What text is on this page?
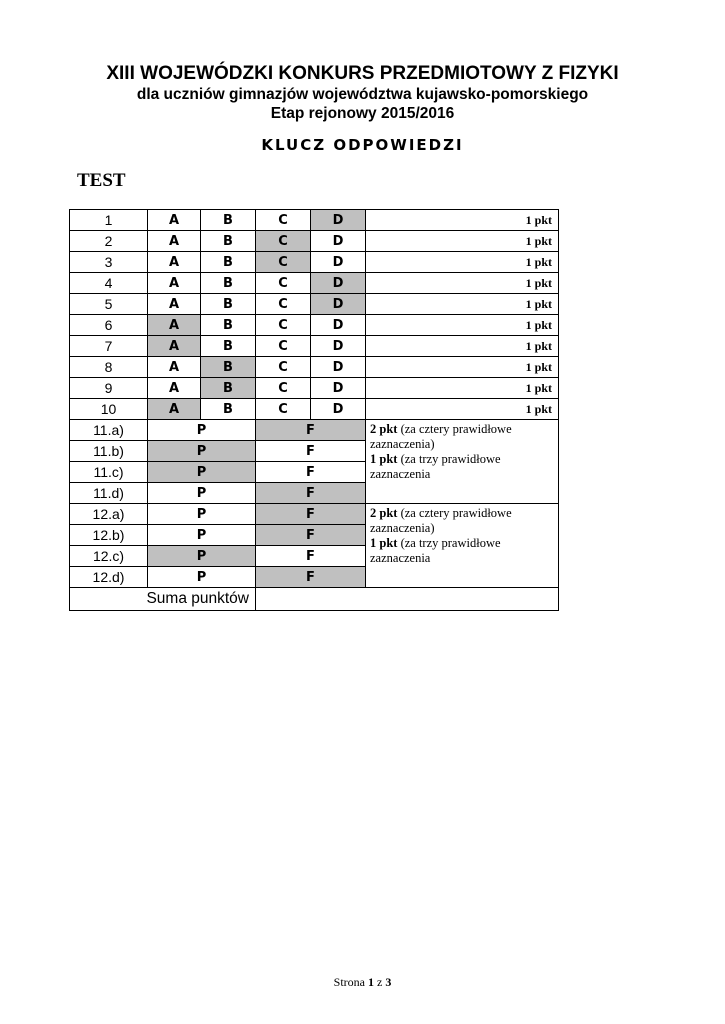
XIII WOJEWÓDZKI KONKURS PRZEDMIOTOWY Z FIZYKI
dla uczniów gimnazjów województwa kujawsko-pomorskiego
Etap rejonowy 2015/2016
KLUCZ ODPOWIEDZI
TEST
1	A	B	C	D	1 pkt
2	A	B	C	D	1 pkt
3	A	B	C	D	1 pkt
4	A	B	C	D	1 pkt
5	A	B	C	D	1 pkt
6	A	B	C	D	1 pkt
7	A	B	C	D	1 pkt
8	A	B	C	D	1 pkt
9	A	B	C	D	1 pkt
10	A	B	C	D	1 pkt
11.a)	P		F		2 pkt (za cztery prawidłowe zaznaczenia)
1 pkt (za trzy prawidłowe zaznaczenia
11.b)	P		F		
11.c)	P		F		
11.d)	P		F		
12.a)	P		F		2 pkt (za cztery prawidłowe zaznaczenia)
1 pkt (za trzy prawidłowe zaznaczenia
12.b)	P		F		
12.c)	P		F		
12.d)	P		F		
Suma punktów					
Strona 1 z 3
